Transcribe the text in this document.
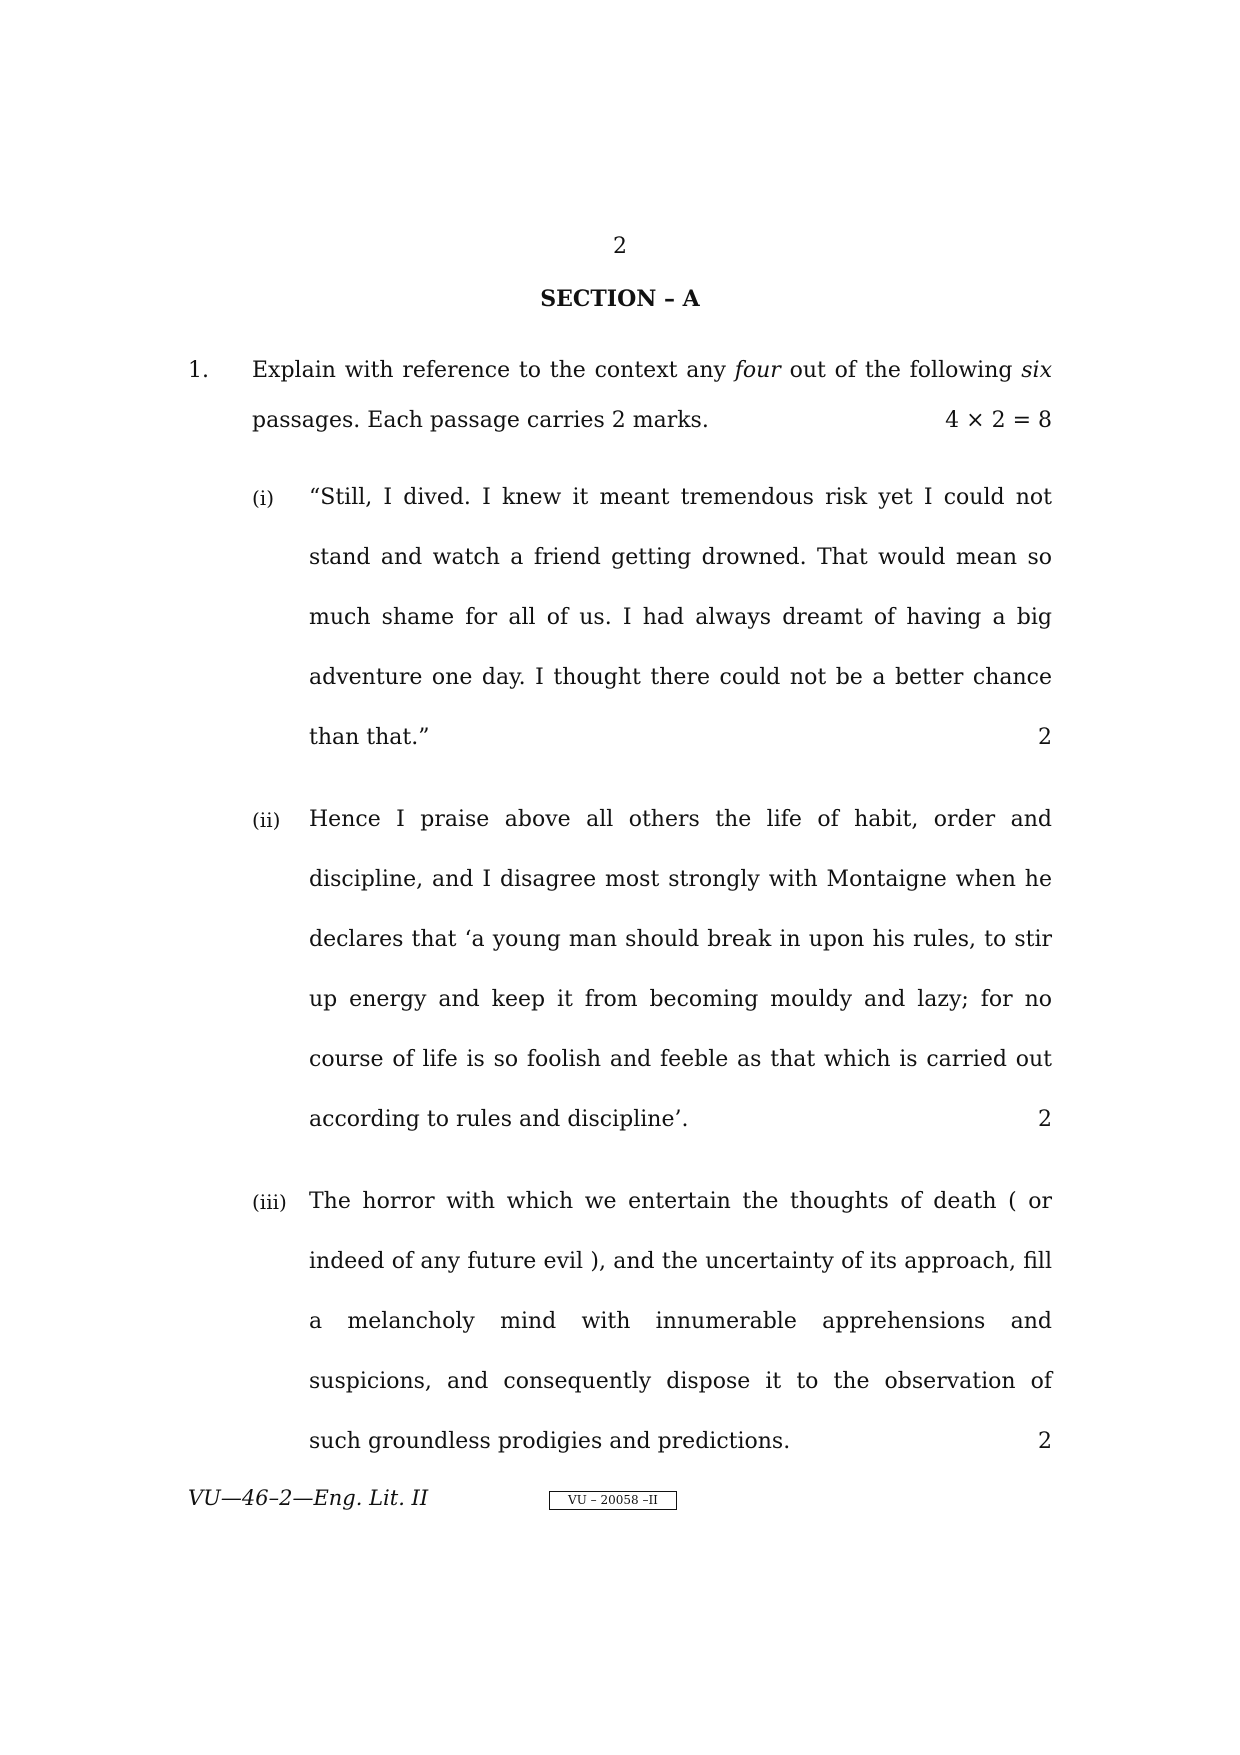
2
SECTION – A
1. Explain with reference to the context any four out of the following six
passages. Each passage carries 2 marks.	4 × 2 = 8
(i) “Still, I dived. I knew it meant tremendous risk yet I could not
stand and watch a friend getting drowned. That would mean so
much shame for all of us. I had always dreamt of having a big
adventure one day. I thought there could not be a better chance
than that.”	2
(ii) Hence I praise above all others the life of habit, order and
discipline, and I disagree most strongly with Montaigne when he
declares that ‘a young man should break in upon his rules, to stir
up energy and keep it from becoming mouldy and lazy; for no
course of life is so foolish and feeble as that which is carried out
according to rules and discipline’.	2
(iii) The horror with which we entertain the thoughts of death ( or
indeed of any future evil ), and the uncertainty of its approach, fill
a melancholy mind with innumerable apprehensions and
suspicions, and consequently dispose it to the observation of
such groundless prodigies and predictions.	2
VU—46–2—Eng. Lit. II	VU – 20058 –II
